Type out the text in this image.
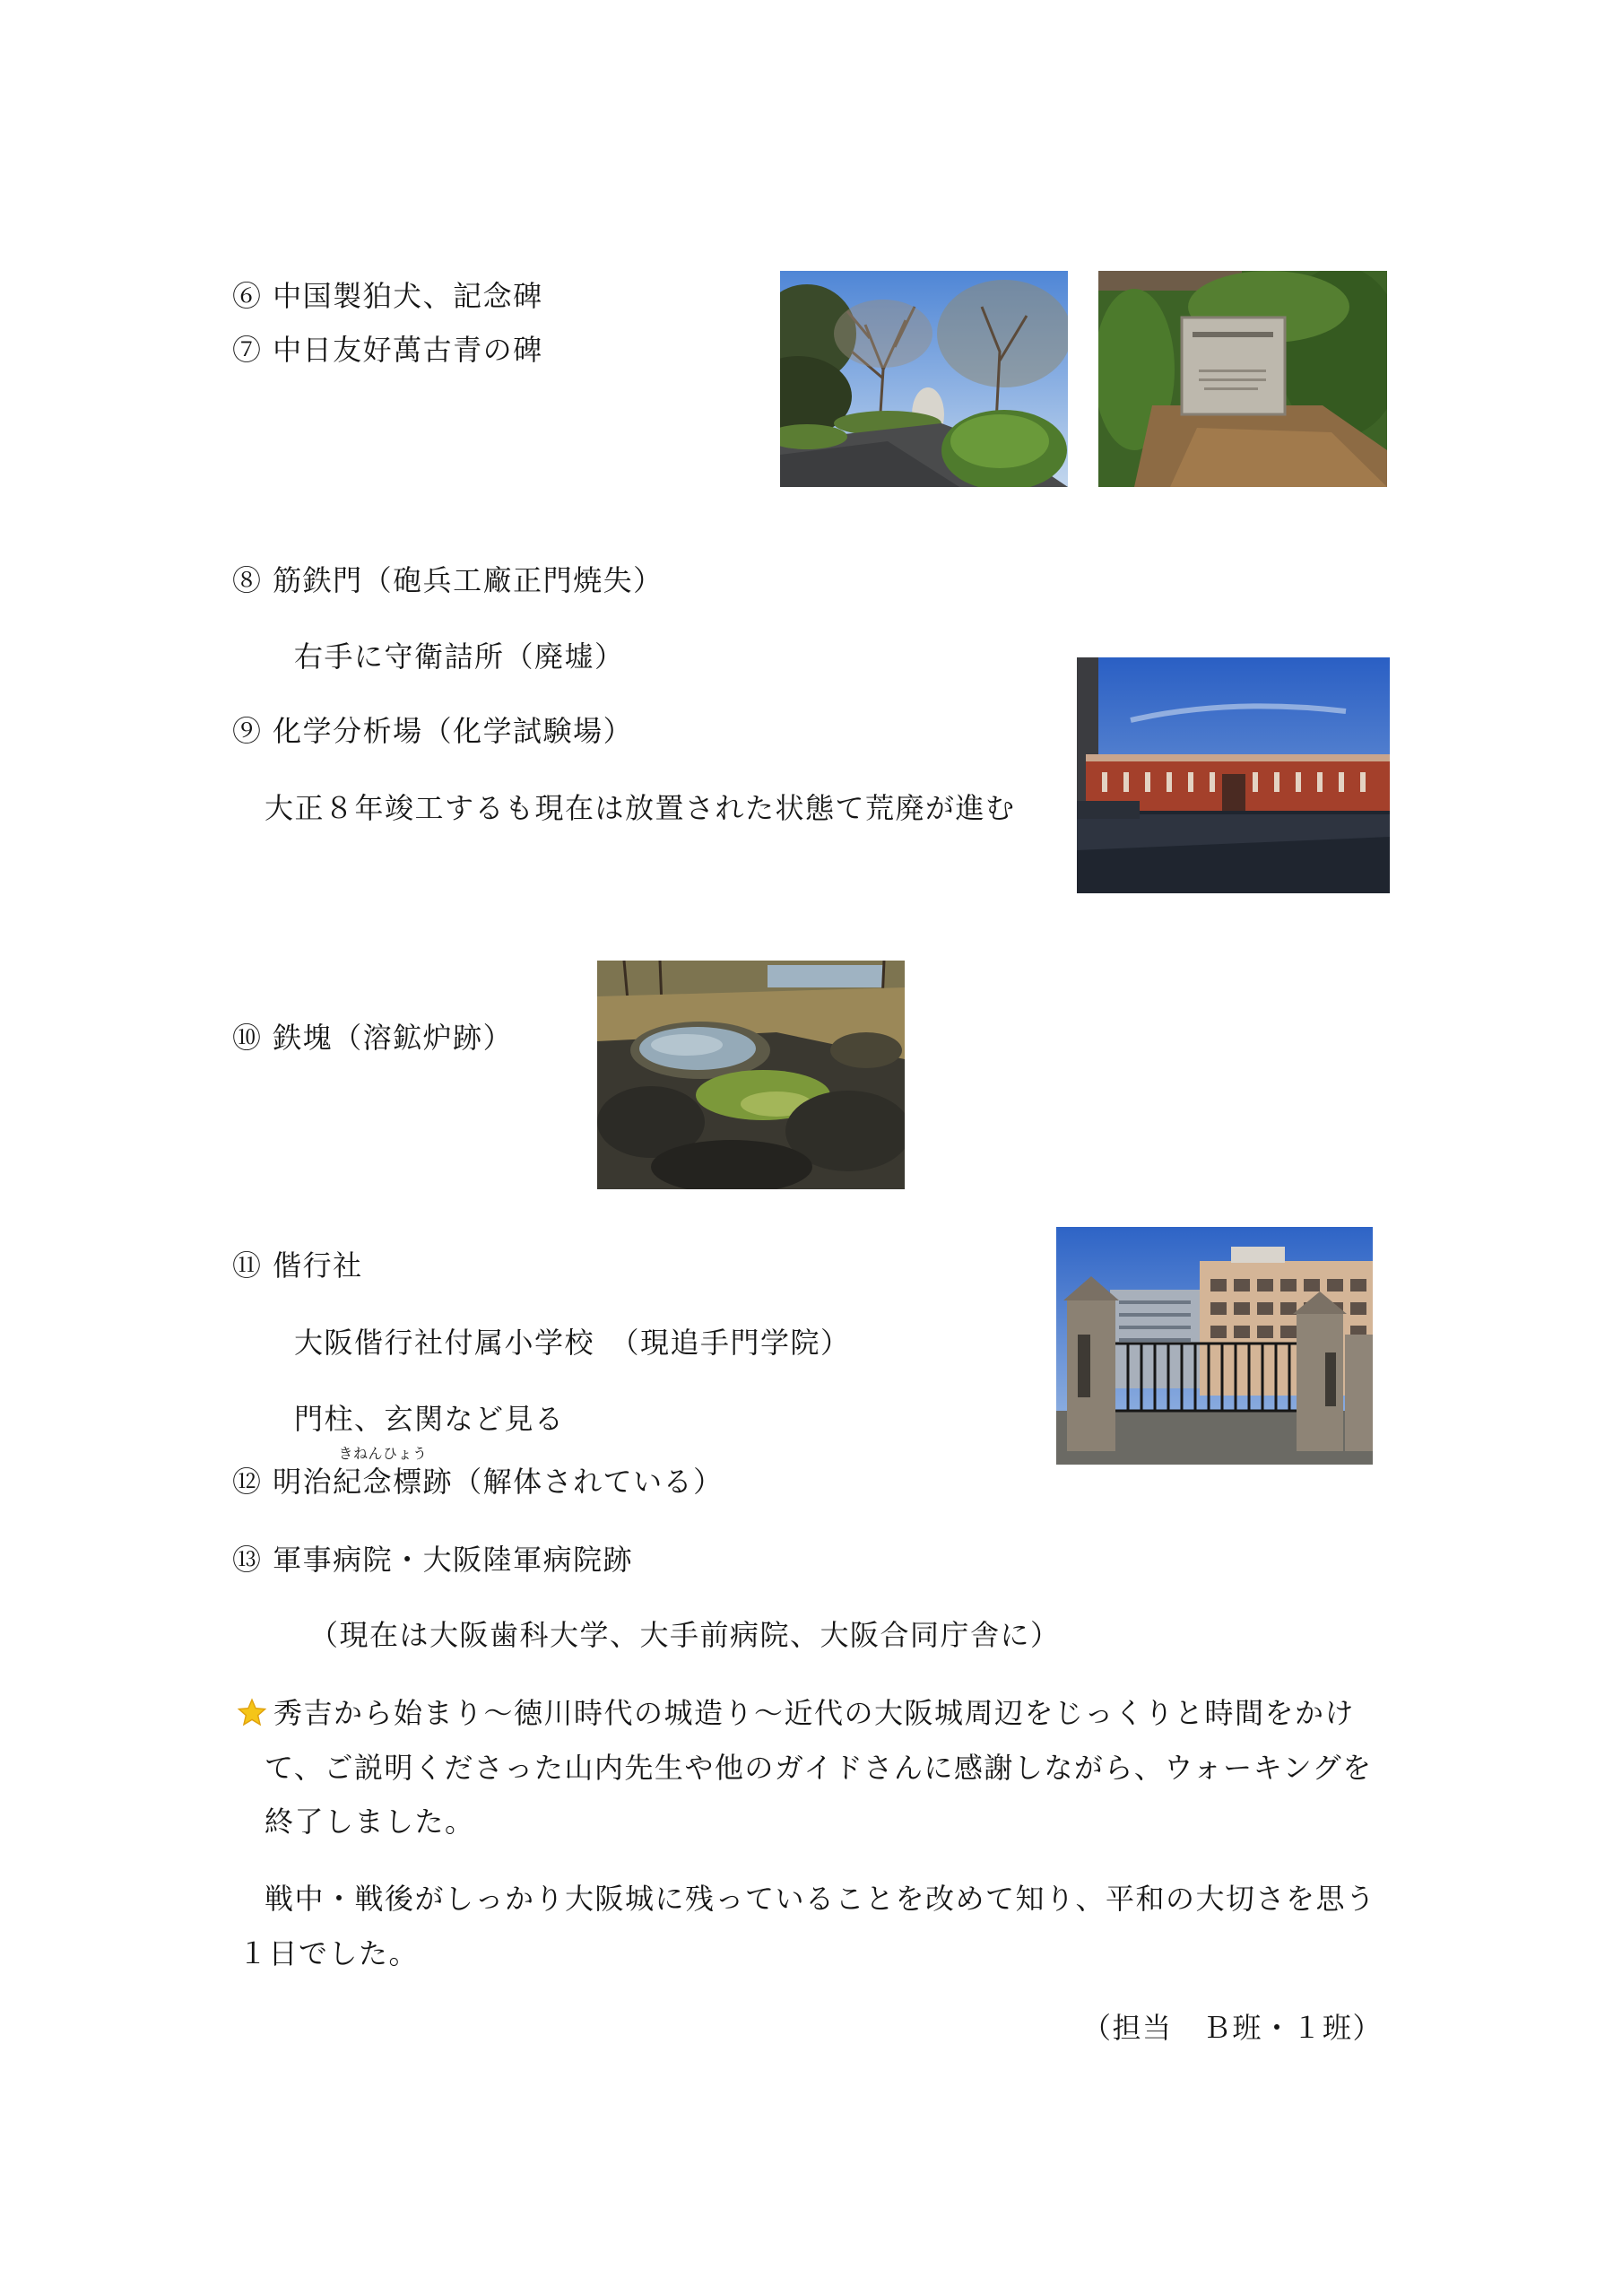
⑥ 中国製狛犬、記念碑
⑦ 中日友好萬古青の碑
⑧ 筋鉄門（砲兵工廠正門焼失）
右手に守衛詰所（廃墟）
⑨ 化学分析場（化学試験場）
大正８年竣工するも現在は放置された状態て荒廃が進む
⑩ 鉄塊（溶鉱炉跡）
⑪ 偕行社
大阪偕行社付属小学校　（現追手門学院）
門柱、玄関など見る
きねんひょう
⑫ 明治紀念標跡（解体されている）
⑬ 軍事病院・大阪陸軍病院跡
（現在は大阪歯科大学、大手前病院、大阪合同庁舎に）
秀吉から始まり～徳川時代の城造り～近代の大阪城周辺をじっくりと時間をかけ
て、ご説明くださった山内先生や他のガイドさんに感謝しながら、ウォーキングを
終了しました。
戦中・戦後がしっかり大阪城に残っていることを改めて知り、平和の大切さを思う
１日でした。
（担当　Ｂ班・１班）
